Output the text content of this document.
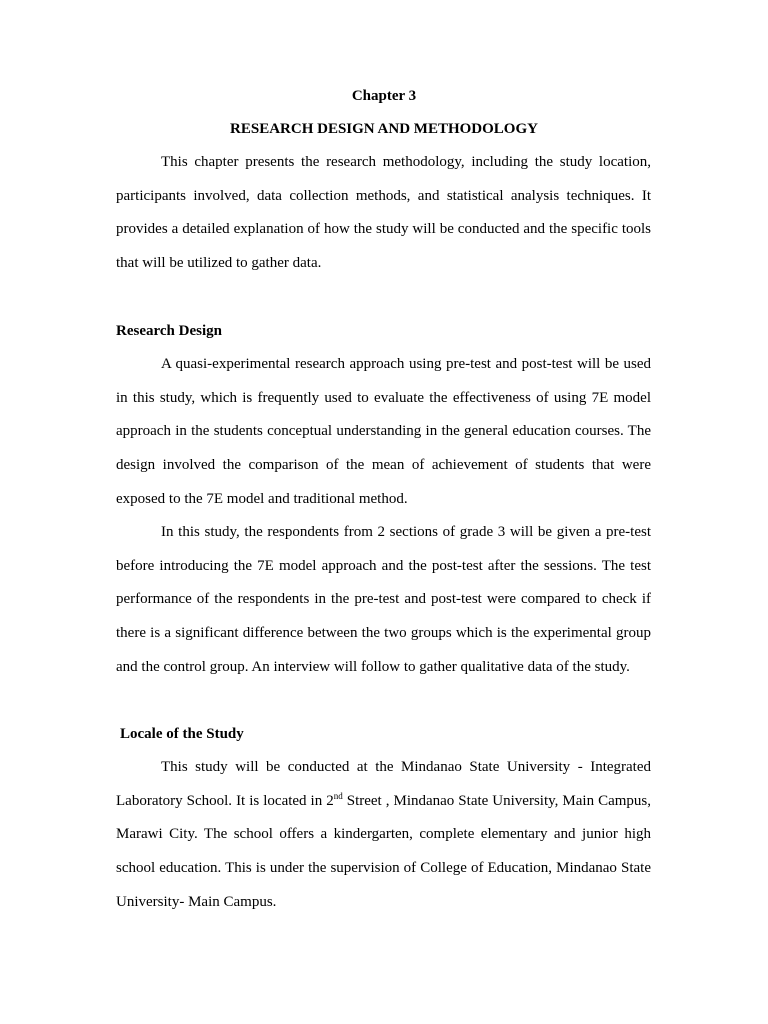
Chapter 3
RESEARCH DESIGN AND METHODOLOGY

This chapter presents the research methodology, including the study location, participants involved, data collection methods, and statistical analysis techniques. It provides a detailed explanation of how the study will be conducted and the specific tools that will be utilized to gather data.

Research Design

A quasi-experimental research approach using pre-test and post-test will be used in this study, which is frequently used to evaluate the effectiveness of using 7E model approach in the students conceptual understanding in the general education courses. The design involved the comparison of the mean of achievement of students that were exposed to the 7E model and traditional method.

In this study, the respondents from 2 sections of grade 3 will be given a pre-test before introducing the 7E model approach and the post-test after the sessions. The test performance of the respondents in the pre-test and post-test were compared to check if there is a significant difference between the two groups which is the experimental group and the control group. An interview will follow to gather qualitative data of the study.

Locale of the Study

This study will be conducted at the Mindanao State University - Integrated Laboratory School. It is located in 2nd Street , Mindanao State University, Main Campus, Marawi City. The school offers a kindergarten, complete elementary and junior high school education. This is under the supervision of College of Education, Mindanao State University- Main Campus.
